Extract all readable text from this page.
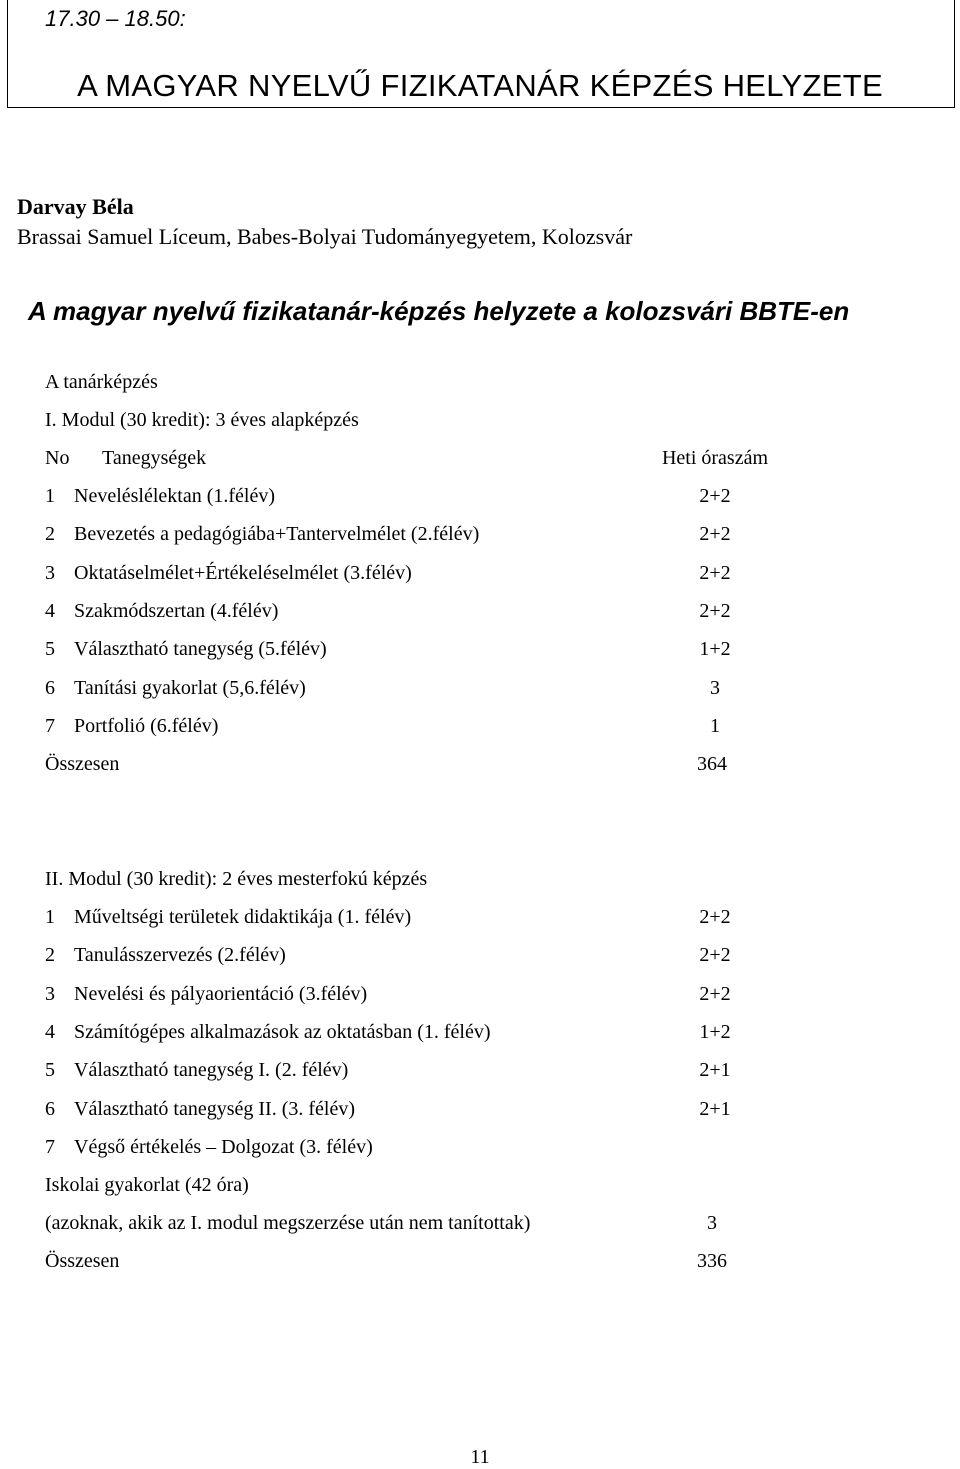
17.30 – 18.50:
A MAGYAR NYELVŰ FIZIKATANÁR KÉPZÉS HELYZETE
Darvay Béla
Brassai Samuel Líceum, Babes-Bolyai Tudományegyetem, Kolozsvár
A magyar nyelvű fizikatanár-képzés helyzete a kolozsvári BBTE-en
A tanárképzés
I. Modul (30 kredit): 3 éves alapképzés
No Tanegységek	Heti óraszám
1 Neveléslélektan (1.félév)	2+2
2 Bevezetés a pedagógiába+Tantervelmélet (2.félév)	2+2
3 Oktatáselmélet+Értékeléselmélet (3.félév)	2+2
4 Szakmódszertan (4.félév)	2+2
5 Választható tanegység (5.félév)	1+2
6 Tanítási gyakorlat (5,6.félév)	3
7 Portfolió (6.félév)	1
Összesen	364
II. Modul (30 kredit): 2 éves mesterfokú képzés
1 Műveltségi területek didaktikája (1. félév)	2+2
2 Tanulásszervezés (2.félév)	2+2
3 Nevelési és pályaorientáció (3.félév)	2+2
4 Számítógépes alkalmazások az oktatásban (1. félév)	1+2
5 Választható tanegység I. (2. félév)	2+1
6 Választható tanegység II. (3. félév)	2+1
7 Végső értékelés – Dolgozat (3. félév)
Iskolai gyakorlat (42 óra)
(azoknak, akik az I. modul megszerzése után nem tanítottak)	3
Összesen	336
11
